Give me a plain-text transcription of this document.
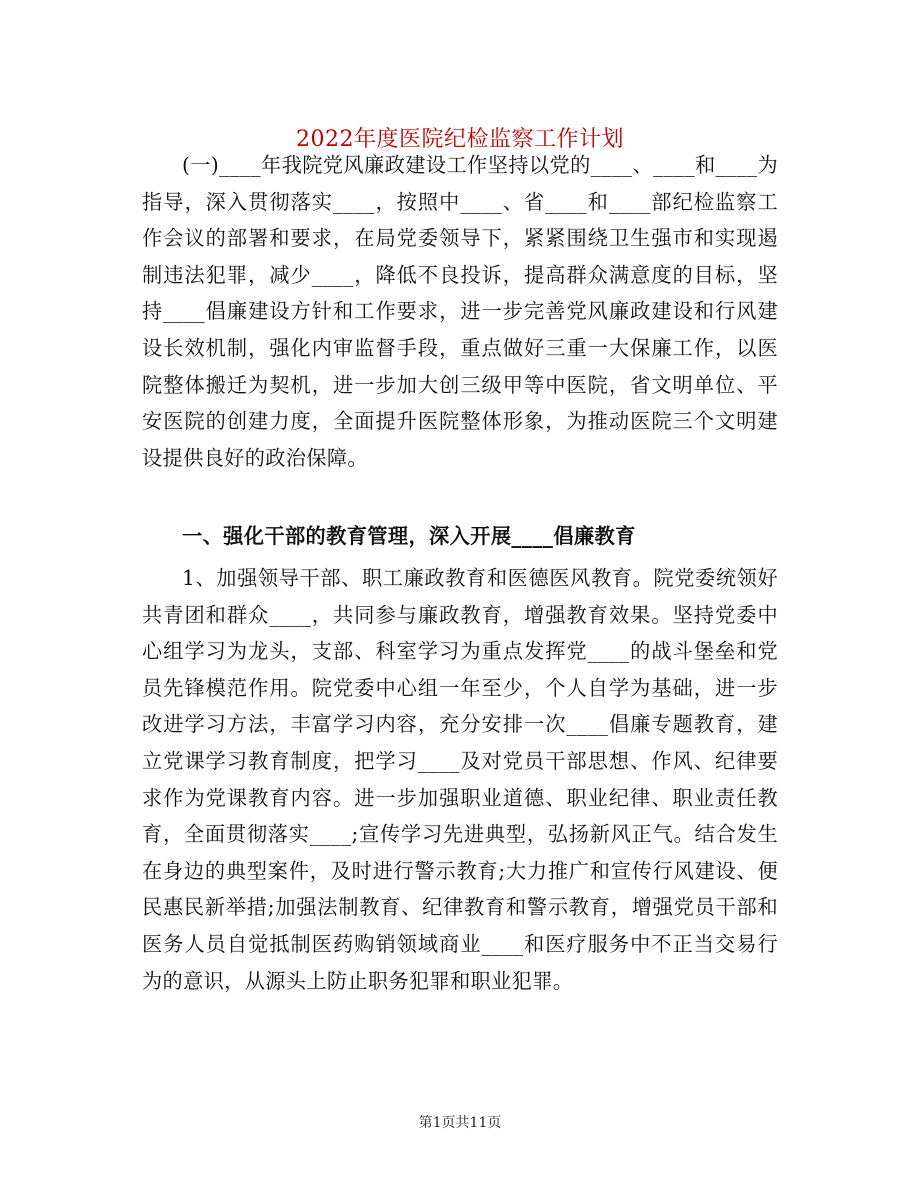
2022年度医院纪检监察工作计划

(一)____年我院党风廉政建设工作坚持以党的____、____和____为指导，深入贯彻落实____，按照中____、省____和____部纪检监察工作会议的部署和要求，在局党委领导下，紧紧围绕卫生强市和实现遏制违法犯罪，减少____，降低不良投诉，提高群众满意度的目标，坚持____倡廉建设方针和工作要求，进一步完善党风廉政建设和行风建设长效机制，强化内审监督手段，重点做好三重一大保廉工作，以医院整体搬迁为契机，进一步加大创三级甲等中医院，省文明单位、平安医院的创建力度，全面提升医院整体形象，为推动医院三个文明建设提供良好的政治保障。

一、强化干部的教育管理，深入开展____倡廉教育

1、加强领导干部、职工廉政教育和医德医风教育。院党委统领好共青团和群众____，共同参与廉政教育，增强教育效果。坚持党委中心组学习为龙头，支部、科室学习为重点发挥党____的战斗堡垒和党员先锋模范作用。院党委中心组一年至少，个人自学为基础，进一步改进学习方法，丰富学习内容，充分安排一次____倡廉专题教育，建立党课学习教育制度，把学习____及对党员干部思想、作风、纪律要求作为党课教育内容。进一步加强职业道德、职业纪律、职业责任教育，全面贯彻落实____;宣传学习先进典型，弘扬新风正气。结合发生在身边的典型案件，及时进行警示教育;大力推广和宣传行风建设、便民惠民新举措;加强法制教育、纪律教育和警示教育，增强党员干部和医务人员自觉抵制医药购销领域商业____和医疗服务中不正当交易行为的意识，从源头上防止职务犯罪和职业犯罪。

第1页共11页
